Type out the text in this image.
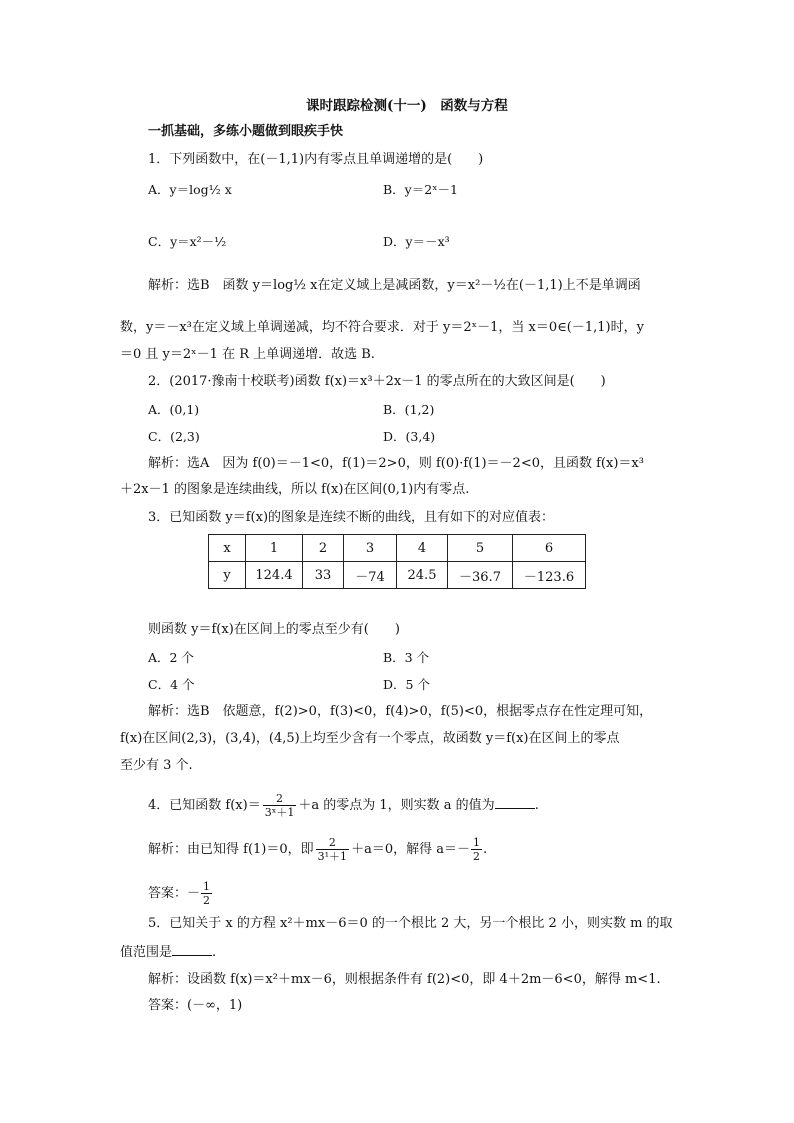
课时跟踪检测(十一)　函数与方程
一抓基础，多练小题做到眼疾手快
1．下列函数中，在(－1,1)内有零点且单调递增的是(　　)
A．y＝log½ x	B．y＝2ˣ－1
C．y＝x²－½	D．y＝－x³
解析：选B　函数 y＝log½ x在定义域上是减函数，y＝x²－½在(－1,1)上不是单调函
数，y＝－x³在定义域上单调递减，均不符合要求．对于 y＝2ˣ－1，当 x＝0∈(－1,1)时，y
＝0 且 y＝2ˣ－1 在 R 上单调递增．故选 B.
2．(2017·豫南十校联考)函数 f(x)＝x³＋2x－1 的零点所在的大致区间是(　　)
A．(0,1)	B．(1,2)
C．(2,3)	D．(3,4)
解析：选A　因为 f(0)＝－1<0，f(1)＝2>0，则 f(0)·f(1)＝－2<0，且函数 f(x)＝x³
＋2x－1 的图象是连续曲线，所以 f(x)在区间(0,1)内有零点.
3．已知函数 y＝f(x)的图象是连续不断的曲线，且有如下的对应值表：
x	1	2	3	4	5	6
y	124.4	33	－74	24.5	－36.7	－123.6
则函数 y＝f(x)在区间上的零点至少有(　　)
A．2 个	B．3 个
C．4 个	D．5 个
解析：选B　依题意，f(2)>0，f(3)<0，f(4)>0，f(5)<0，根据零点存在性定理可知，
f(x)在区间(2,3)，(3,4)，(4,5)上均至少含有一个零点，故函数 y＝f(x)在区间上的零点
至少有 3 个.
4．已知函数 $f(x)= \frac{2}{\text{3ˣ＋1}} +a$ 的零点为 1，则实数 a 的值为	.
解析：由已知得 f(1)＝0，即 $\frac{2}{\text{3¹＋1}} +a=0$，解得 $a=- \frac{1}{2}$ .
答案：－ $\frac{1}{2}$
5．已知关于 x 的方程 x²＋mx－6＝0 的一个根比 2 大，另一个根比 2 小，则实数 m 的取
值范围是	.
解析：设函数 f(x)＝x²＋mx－6，则根据条件有 f(2)<0，即 4＋2m－6<0，解得 m<1.
答案：(－∞，1)
